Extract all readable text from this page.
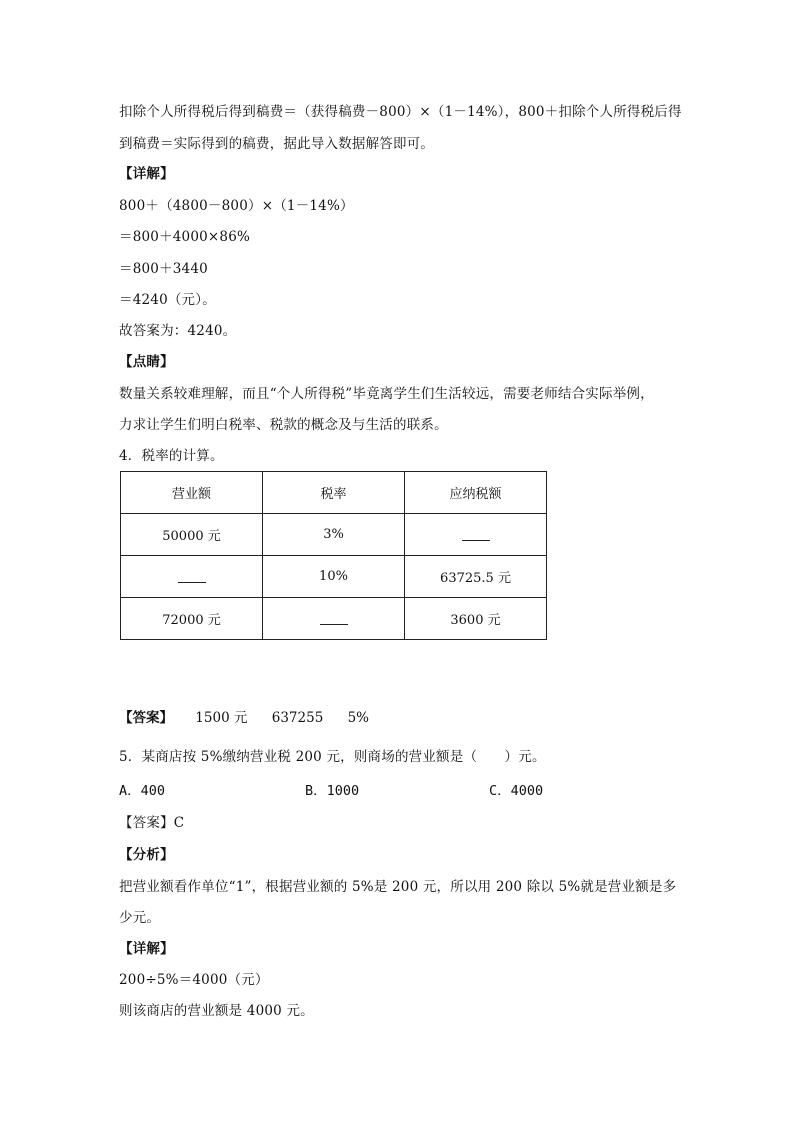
扣除个人所得税后得到稿费＝（获得稿费－800）×（1－14%），800＋扣除个人所得税后得
到稿费＝实际得到的稿费，据此导入数据解答即可。
【详解】
800＋（4800－800）×（1－14%）
＝800＋4000×86%
＝800＋3440
＝4240（元）。
故答案为：4240。
【点睛】
数量关系较难理解，而且“个人所得税”毕竟离学生们生活较远，需要老师结合实际举例，
力求让学生们明白税率、税款的概念及与生活的联系。
4．税率的计算。
营业额	税率	应纳税额
50000 元	3%	
	10%	63725.5 元
72000 元		3600 元
【答案】 1500 元 637255 5%
5．某商店按 5%缴纳营业税 200 元，则商场的营业额是（　　）元。
A．400	B．1000	C．4000
【答案】C
【分析】
把营业额看作单位“1”，根据营业额的 5%是 200 元，所以用 200 除以 5%就是营业额是多
少元。
【详解】
200÷5%＝4000（元）
则该商店的营业额是 4000 元。
